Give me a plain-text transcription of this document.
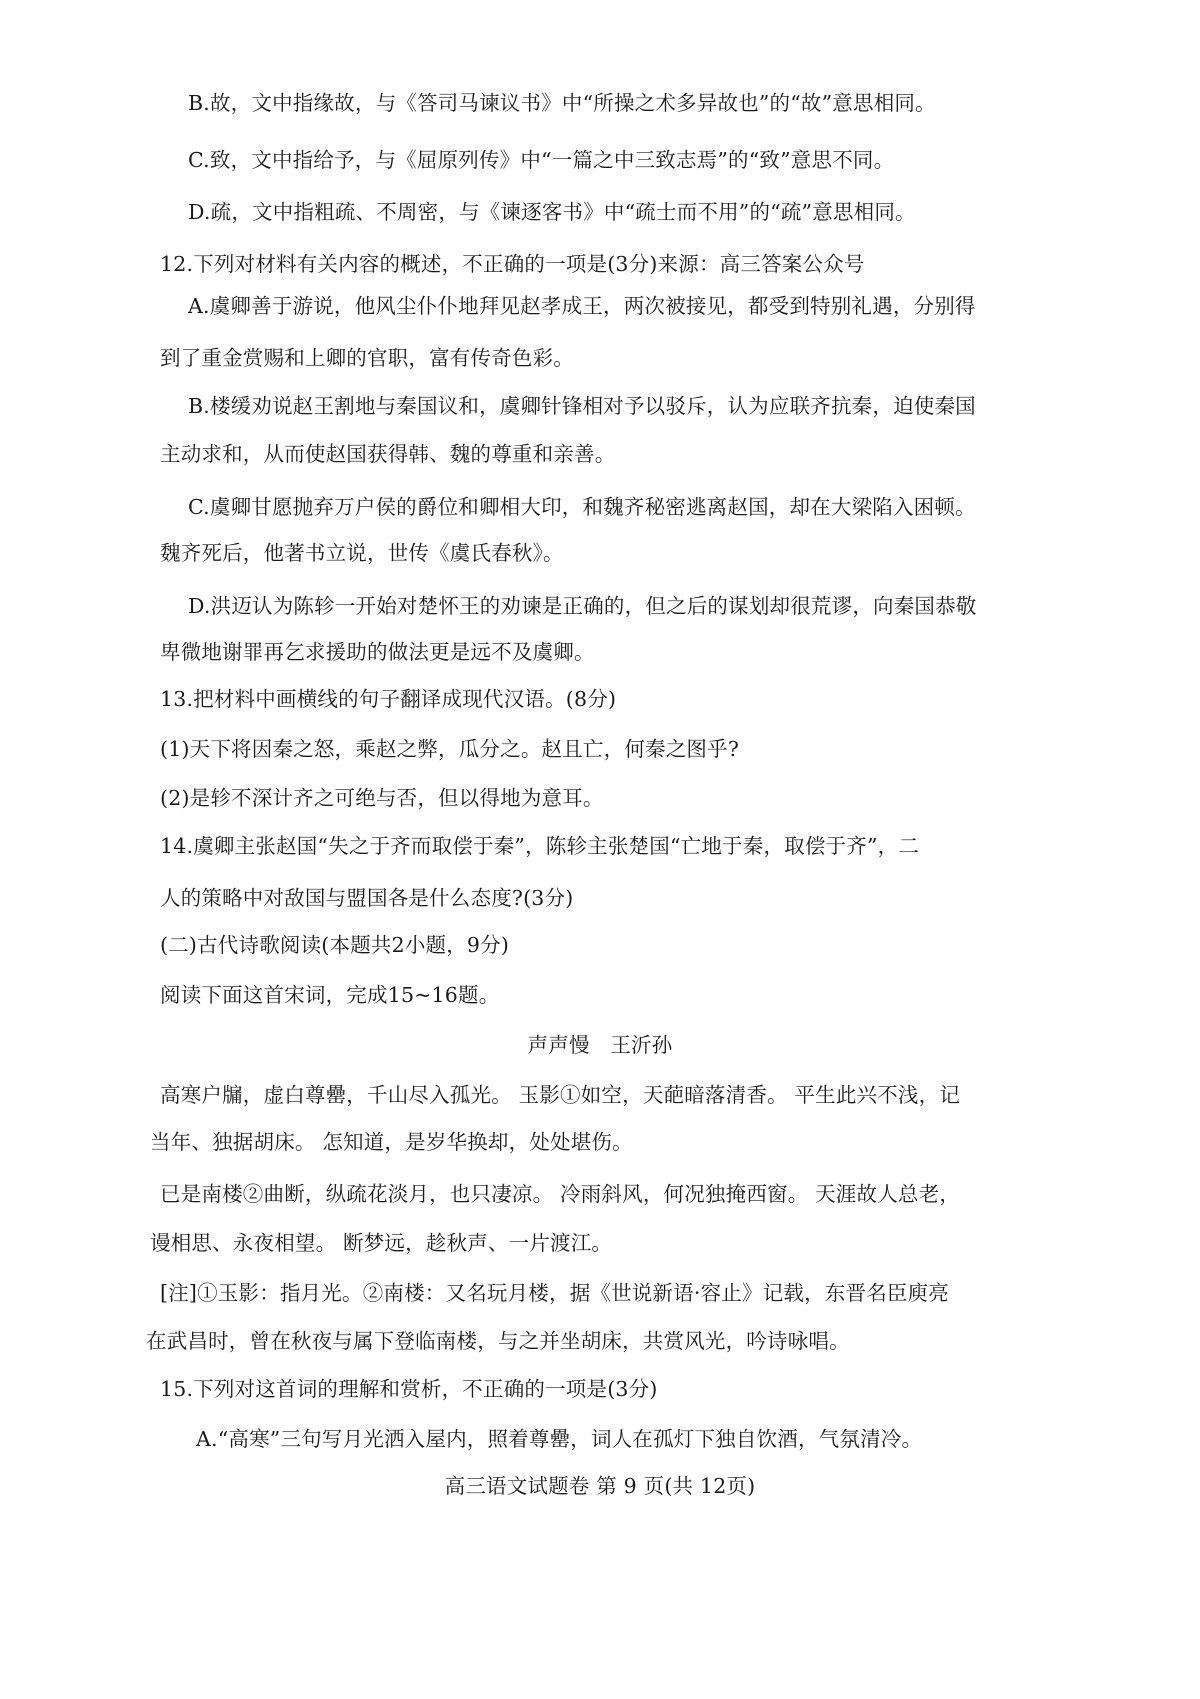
B.故，文中指缘故，与《答司马谏议书》中“所操之术多异故也”的“故”意思相同。
C.致，文中指给予，与《屈原列传》中“一篇之中三致志焉”的“致”意思不同。
D.疏，文中指粗疏、不周密，与《谏逐客书》中“疏士而不用”的“疏”意思相同。
12.下列对材料有关内容的概述，不正确的一项是(3分)来源：高三答案公众号
A.虞卿善于游说，他风尘仆仆地拜见赵孝成王，两次被接见，都受到特别礼遇，分别得
到了重金赏赐和上卿的官职，富有传奇色彩。
B.楼缓劝说赵王割地与秦国议和，虞卿针锋相对予以驳斥，认为应联齐抗秦，迫使秦国
主动求和，从而使赵国获得韩、魏的尊重和亲善。
C.虞卿甘愿抛弃万户侯的爵位和卿相大印，和魏齐秘密逃离赵国，却在大梁陷入困顿。
魏齐死后，他著书立说，世传《虞氏春秋》。
D.洪迈认为陈轸一开始对楚怀王的劝谏是正确的，但之后的谋划却很荒谬，向秦国恭敬
卑微地谢罪再乞求援助的做法更是远不及虞卿。
13.把材料中画横线的句子翻译成现代汉语。(8分)
(1)天下将因秦之怒，乘赵之弊，瓜分之。赵且亡，何秦之图乎?
(2)是轸不深计齐之可绝与否，但以得地为意耳。
14.虞卿主张赵国“失之于齐而取偿于秦”，陈轸主张楚国“亡地于秦，取偿于齐”，二
人的策略中对敌国与盟国各是什么态度?(3分)
(二)古代诗歌阅读(本题共2小题，9分)
阅读下面这首宋词，完成15~16题。
声声慢　王沂孙
高寒户牖，虚白尊罍，千山尽入孤光。 玉影①如空，天葩暗落清香。 平生此兴不浅，记
当年、独据胡床。 怎知道，是岁华换却，处处堪伤。
已是南楼②曲断，纵疏花淡月，也只凄凉。 冷雨斜风，何况独掩西窗。 天涯故人总老，
谩相思、永夜相望。 断梦远，趁秋声、一片渡江。
[注]①玉影：指月光。②南楼：又名玩月楼，据《世说新语·容止》记载，东晋名臣庾亮
在武昌时，曾在秋夜与属下登临南楼，与之并坐胡床，共赏风光，吟诗咏唱。
15.下列对这首词的理解和赏析，不正确的一项是(3分)
A.“高寒”三句写月光洒入屋内，照着尊罍，词人在孤灯下独自饮酒，气氛清冷。
高三语文试题卷 第 9 页(共 12页)
